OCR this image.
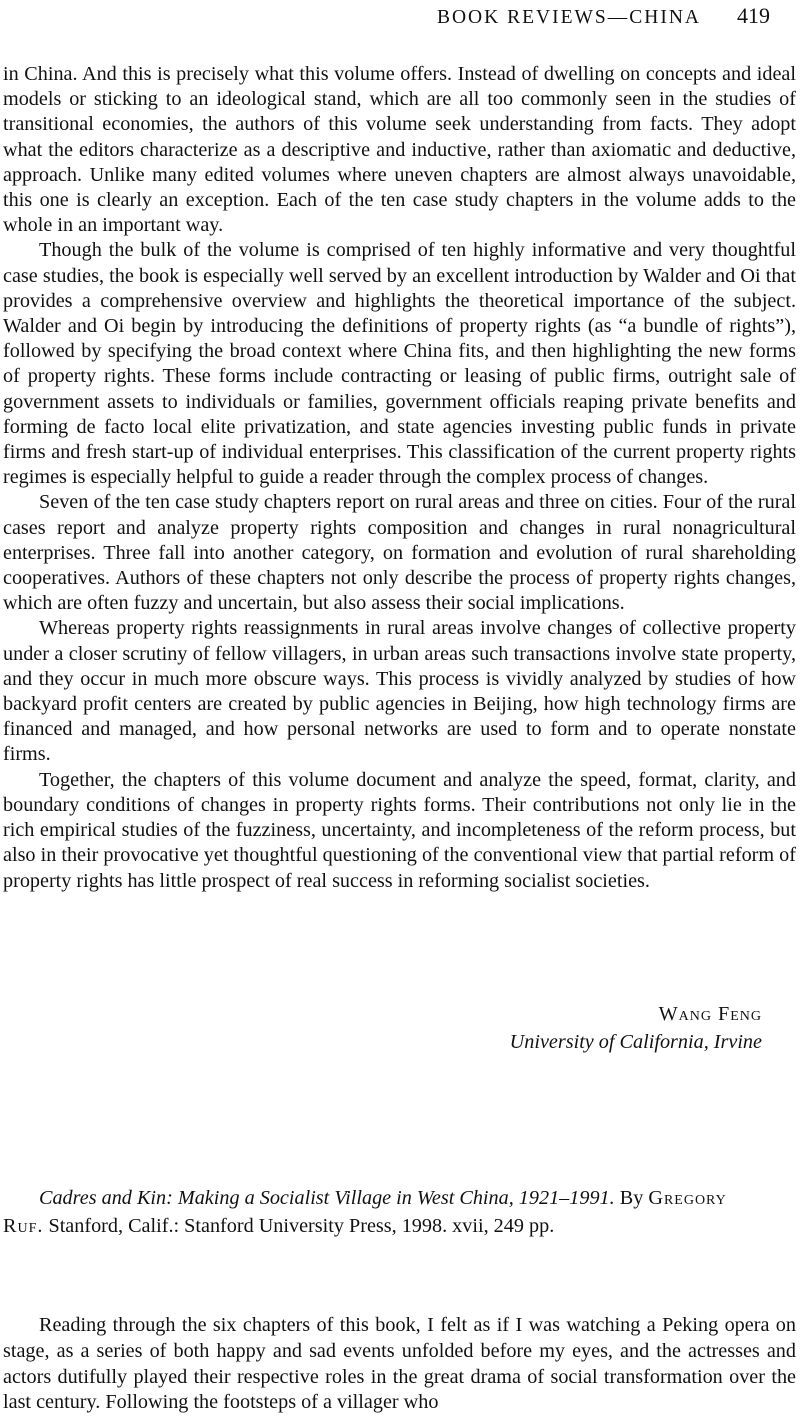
BOOK REVIEWS—CHINA 419

in China. And this is precisely what this volume offers. Instead of dwelling on concepts and ideal models or sticking to an ideological stand, which are all too commonly seen in the studies of transitional economies, the authors of this volume seek understanding from facts. They adopt what the editors characterize as a descriptive and inductive, rather than axiomatic and deductive, approach. Unlike many edited volumes where uneven chapters are almost always unavoidable, this one is clearly an exception. Each of the ten case study chapters in the volume adds to the whole in an important way.

Though the bulk of the volume is comprised of ten highly informative and very thoughtful case studies, the book is especially well served by an excellent introduction by Walder and Oi that provides a comprehensive overview and highlights the theoretical importance of the subject. Walder and Oi begin by introducing the definitions of property rights (as “a bundle of rights”), followed by specifying the broad context where China fits, and then highlighting the new forms of property rights. These forms include contracting or leasing of public firms, outright sale of government assets to individuals or families, government officials reaping private benefits and forming de facto local elite privatization, and state agencies investing public funds in private firms and fresh start-up of individual enterprises. This classification of the current property rights regimes is especially helpful to guide a reader through the complex process of changes.

Seven of the ten case study chapters report on rural areas and three on cities. Four of the rural cases report and analyze property rights composition and changes in rural nonagricultural enterprises. Three fall into another category, on formation and evolution of rural shareholding cooperatives. Authors of these chapters not only describe the process of property rights changes, which are often fuzzy and uncertain, but also assess their social implications.

Whereas property rights reassignments in rural areas involve changes of collective property under a closer scrutiny of fellow villagers, in urban areas such transactions involve state property, and they occur in much more obscure ways. This process is vividly analyzed by studies of how backyard profit centers are created by public agencies in Beijing, how high technology firms are financed and managed, and how personal networks are used to form and to operate nonstate firms.

Together, the chapters of this volume document and analyze the speed, format, clarity, and boundary conditions of changes in property rights forms. Their contributions not only lie in the rich empirical studies of the fuzziness, uncertainty, and incompleteness of the reform process, but also in their provocative yet thoughtful questioning of the conventional view that partial reform of property rights has little prospect of real success in reforming socialist societies.

Wang Feng
University of California, Irvine
Cadres and Kin: Making a Socialist Village in West China, 1921–1991. By Gregory Ruf. Stanford, Calif.: Stanford University Press, 1998. xvii, 249 pp.

Reading through the six chapters of this book, I felt as if I was watching a Peking opera on stage, as a series of both happy and sad events unfolded before my eyes, and the actresses and actors dutifully played their respective roles in the great drama of social transformation over the last century. Following the footsteps of a villager who
